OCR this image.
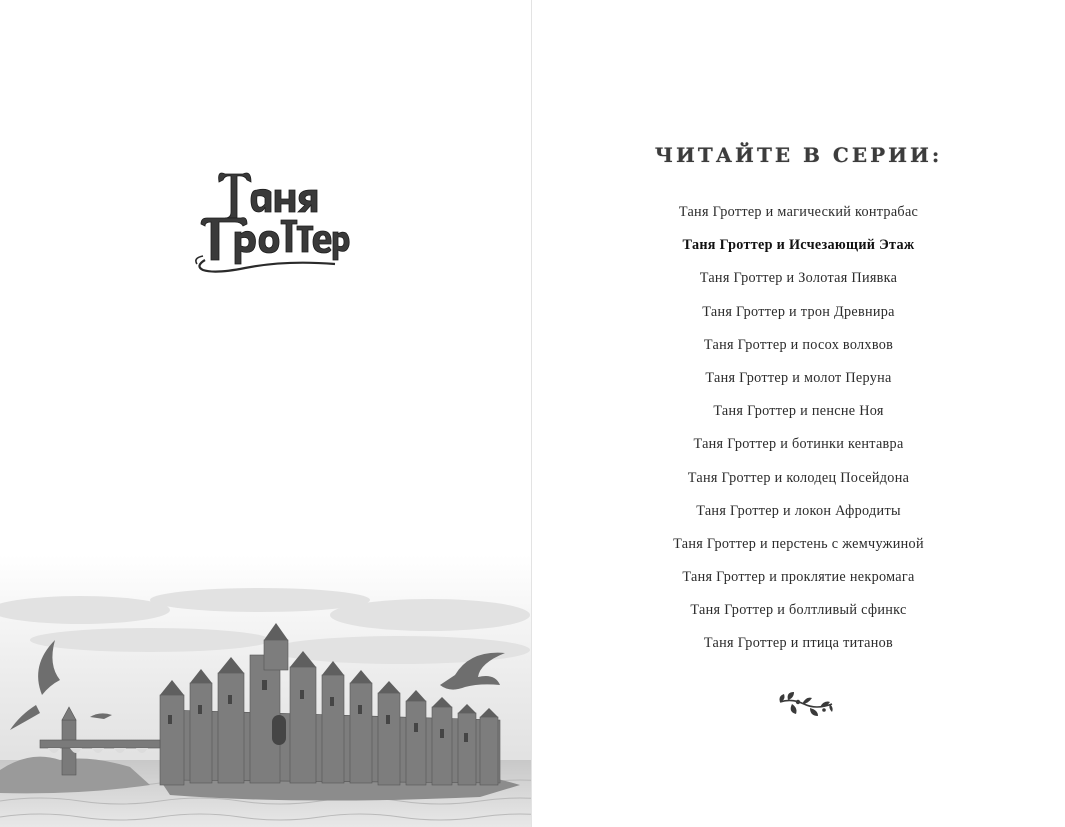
ЧИТАЙТЕ В СЕРИИ:
Таня Гроттер и магический контрабас
Таня Гроттер и Исчезающий Этаж
Таня Гроттер и Золотая Пиявка
Таня Гроттер и трон Древнира
Таня Гроттер и посох волхвов
Таня Гроттер и молот Перуна
Таня Гроттер и пенсне Ноя
Таня Гроттер и ботинки кентавра
Таня Гроттер и колодец Посейдона
Таня Гроттер и локон Афродиты
Таня Гроттер и перстень с жемчужиной
Таня Гроттер и проклятие некромага
Таня Гроттер и болтливый сфинкс
Таня Гроттер и птица титанов
